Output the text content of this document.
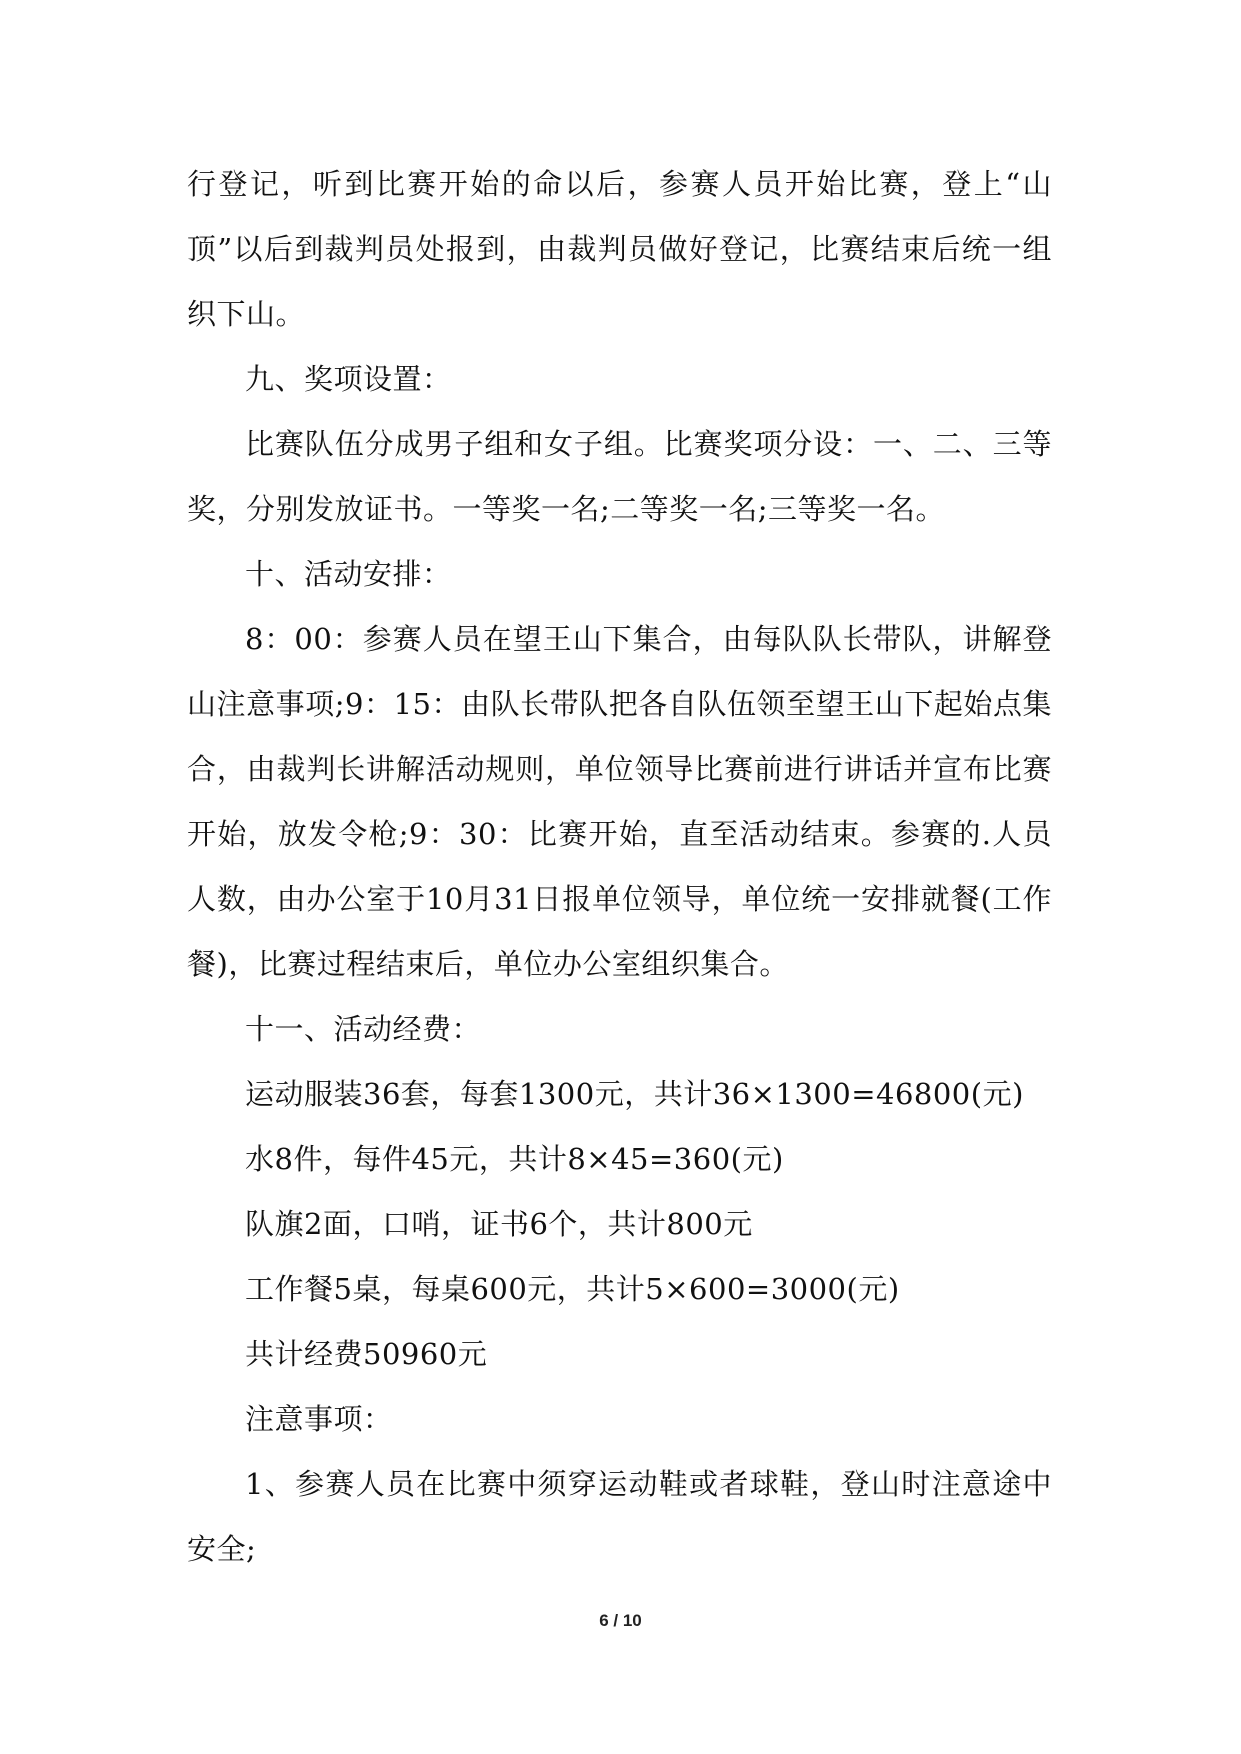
行登记，听到比赛开始的命以后，参赛人员开始比赛，登上“山顶”以后到裁判员处报到，由裁判员做好登记，比赛结束后统一组织下山。

九、奖项设置：

比赛队伍分成男子组和女子组。比赛奖项分设：一、二、三等奖，分别发放证书。一等奖一名;二等奖一名;三等奖一名。

十、活动安排：

8：00：参赛人员在望王山下集合，由每队队长带队，讲解登山注意事项;9：15：由队长带队把各自队伍领至望王山下起始点集合，由裁判长讲解活动规则，单位领导比赛前进行讲话并宣布比赛开始，放发令枪;9：30：比赛开始，直至活动结束。参赛的.人员人数，由办公室于10月31日报单位领导，单位统一安排就餐(工作餐)，比赛过程结束后，单位办公室组织集合。

十一、活动经费：

运动服装36套，每套1300元，共计36×1300=46800(元)

水8件，每件45元，共计8×45=360(元)

队旗2面，口哨，证书6个，共计800元

工作餐5桌，每桌600元，共计5×600=3000(元)

共计经费50960元

注意事项：

1、参赛人员在比赛中须穿运动鞋或者球鞋，登山时注意途中安全;

6 / 10
